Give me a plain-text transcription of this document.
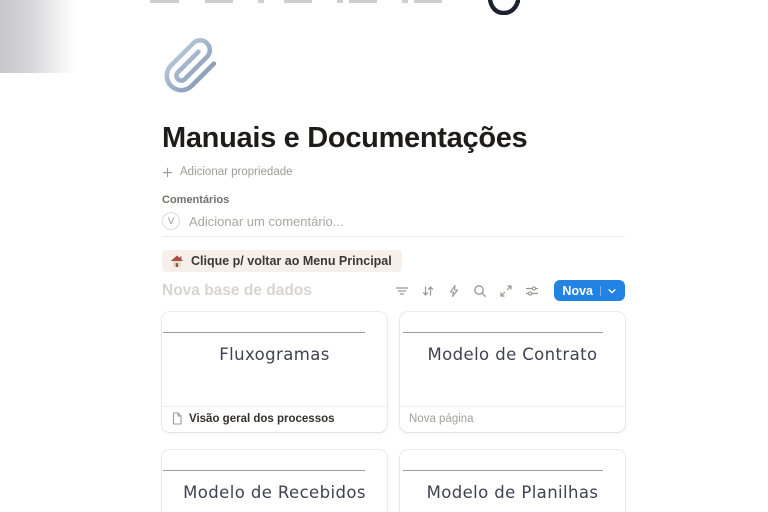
Manuais e Documentações
Adicionar propriedade
Comentários
V	Adicionar um comentário...
Clique p/ voltar ao Menu Principal
Nova base de dados	Nova
Fluxogramas
Visão geral dos processos
Modelo de Contrato
Nova página
Modelo de Recebidos	Modelo de Planilhas
